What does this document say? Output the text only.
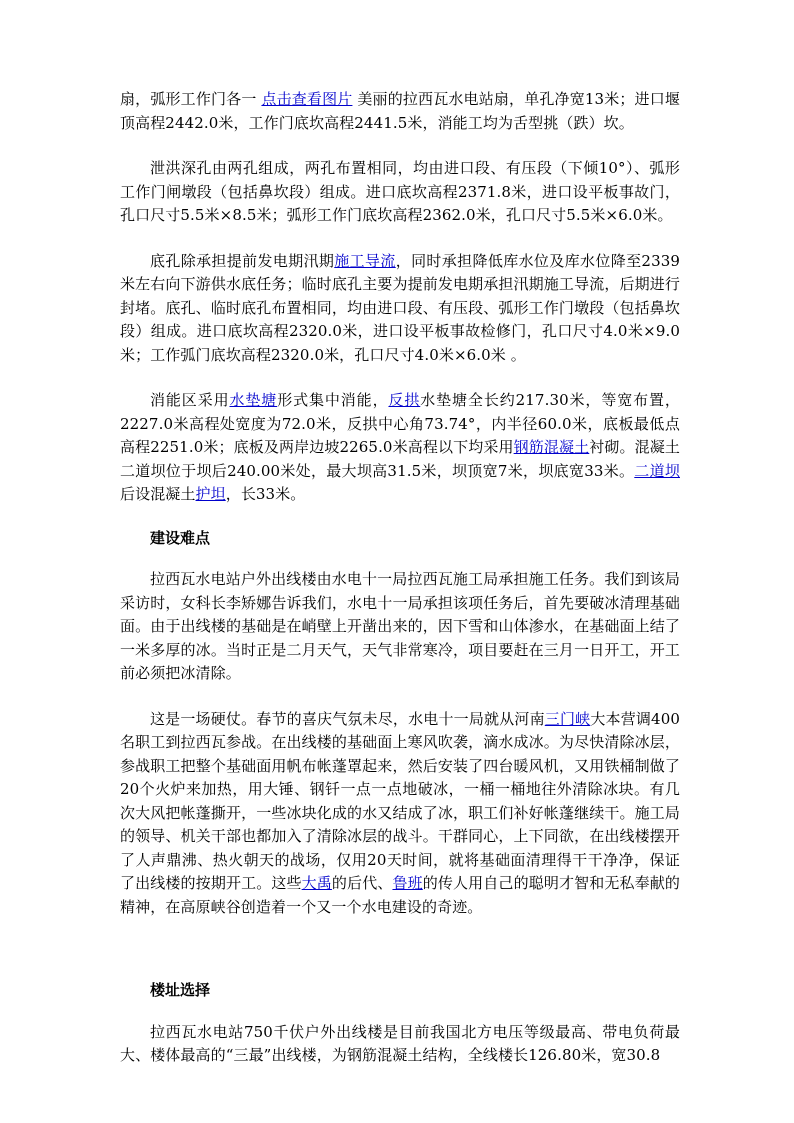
扇，弧形工作门各一 点击查看图片 美丽的拉西瓦水电站扇，单孔净宽13米；进口堰顶高程2442.0米，工作门底坎高程2441.5米，消能工均为舌型挑（跌）坎。

泄洪深孔由两孔组成，两孔布置相同，均由进口段、有压段（下倾10°）、弧形工作门闸墩段（包括鼻坎段）组成。进口底坎高程2371.8米，进口设平板事故门，孔口尺寸5.5米×8.5米；弧形工作门底坎高程2362.0米，孔口尺寸5.5米×6.0米。

底孔除承担提前发电期汛期施工导流，同时承担降低库水位及库水位降至2339米左右向下游供水底任务；临时底孔主要为提前发电期承担汛期施工导流，后期进行封堵。底孔、临时底孔布置相同，均由进口段、有压段、弧形工作门墩段（包括鼻坎段）组成。进口底坎高程2320.0米，进口设平板事故检修门，孔口尺寸4.0米×9.0米；工作弧门底坎高程2320.0米，孔口尺寸4.0米×6.0米 。

消能区采用水垫塘形式集中消能，反拱水垫塘全长约217.30米，等宽布置，2227.0米高程处宽度为72.0米，反拱中心角73.74°，内半径60.0米，底板最低点高程2251.0米；底板及两岸边坡2265.0米高程以下均采用钢筋混凝土衬砌。混凝土二道坝位于坝后240.00米处，最大坝高31.5米，坝顶宽7米，坝底宽33米。二道坝后设混凝土护坦，长33米。

建设难点

拉西瓦水电站户外出线楼由水电十一局拉西瓦施工局承担施工任务。我们到该局采访时，女科长李矫娜告诉我们，水电十一局承担该项任务后，首先要破冰清理基础面。由于出线楼的基础是在峭壁上开凿出来的，因下雪和山体渗水，在基础面上结了一米多厚的冰。当时正是二月天气，天气非常寒冷，项目要赶在三月一日开工，开工前必须把冰清除。

这是一场硬仗。春节的喜庆气氛未尽，水电十一局就从河南三门峡大本营调400名职工到拉西瓦参战。在出线楼的基础面上寒风吹袭，滴水成冰。为尽快清除冰层，参战职工把整个基础面用帆布帐蓬罩起来，然后安装了四台暖风机，又用铁桶制做了20个火炉来加热，用大锤、钢钎一点一点地破冰，一桶一桶地往外清除冰块。有几次大风把帐蓬撕开，一些冰块化成的水又结成了冰，职工们补好帐蓬继续干。施工局的领导、机关干部也都加入了清除冰层的战斗。干群同心，上下同欲，在出线楼摆开了人声鼎沸、热火朝天的战场，仅用20天时间，就将基础面清理得干干净净，保证了出线楼的按期开工。这些大禹的后代、鲁班的传人用自己的聪明才智和无私奉献的精神，在高原峡谷创造着一个又一个水电建设的奇迹。

楼址选择

拉西瓦水电站750千伏户外出线楼是目前我国北方电压等级最高、带电负荷最大、楼体最高的“三最”出线楼，为钢筋混凝土结构，全线楼长126.80米，宽30.8
